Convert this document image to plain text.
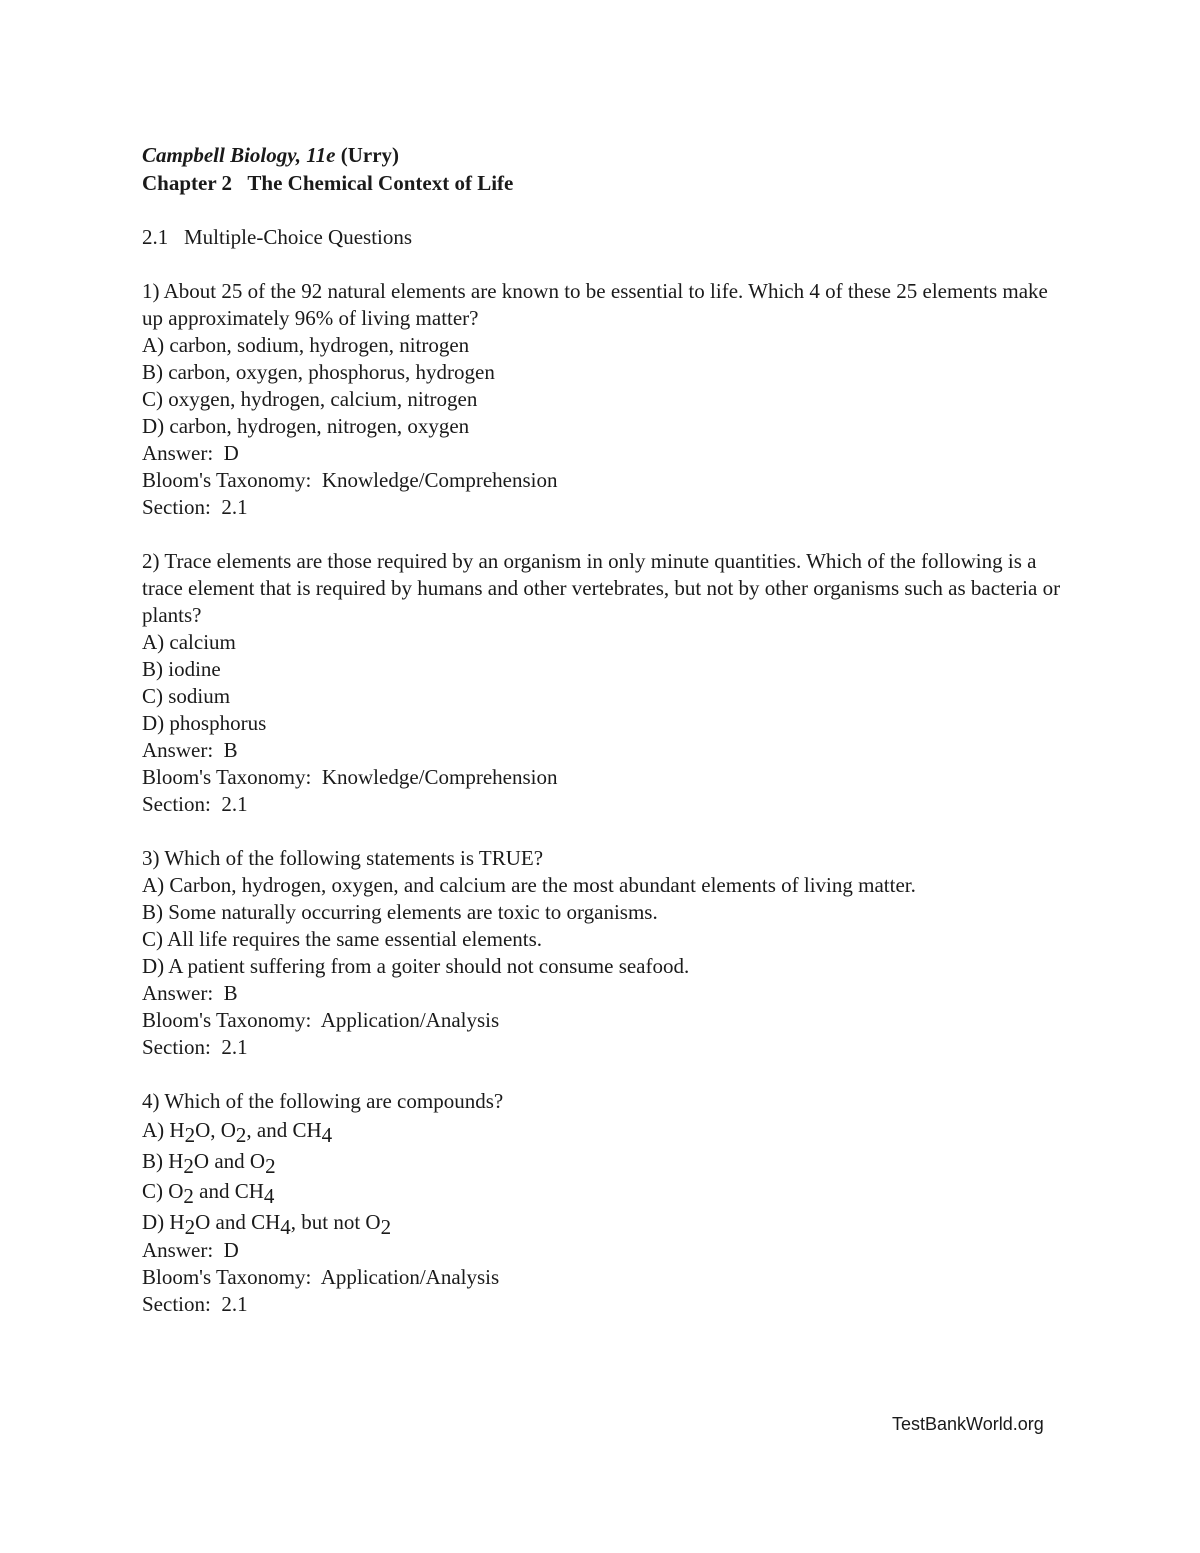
Campbell Biology, 11e (Urry)

Chapter 2   The Chemical Context of Life

2.1   Multiple-Choice Questions
1) About 25 of the 92 natural elements are known to be essential to life. Which 4 of these 25 elements make up approximately 96% of living matter?
A) carbon, sodium, hydrogen, nitrogen
B) carbon, oxygen, phosphorus, hydrogen
C) oxygen, hydrogen, calcium, nitrogen
D) carbon, hydrogen, nitrogen, oxygen
Answer:  D
Bloom's Taxonomy:  Knowledge/Comprehension
Section:  2.1
2) Trace elements are those required by an organism in only minute quantities. Which of the following is a trace element that is required by humans and other vertebrates, but not by other organisms such as bacteria or plants?
A) calcium
B) iodine
C) sodium
D) phosphorus
Answer:  B
Bloom's Taxonomy:  Knowledge/Comprehension
Section:  2.1
3) Which of the following statements is TRUE?
A) Carbon, hydrogen, oxygen, and calcium are the most abundant elements of living matter.
B) Some naturally occurring elements are toxic to organisms.
C) All life requires the same essential elements.
D) A patient suffering from a goiter should not consume seafood.
Answer:  B
Bloom's Taxonomy:  Application/Analysis
Section:  2.1
4) Which of the following are compounds?
A) $H_2O$, $O_2$, and $CH_4$
B) $H_2O$ and $O_2$
C) $O_2$ and $CH_4$
D) $H_2O$ and $CH_4$, but not $O_2$
Answer:  D
Bloom's Taxonomy:  Application/Analysis
Section:  2.1
TestBankWorld.org
